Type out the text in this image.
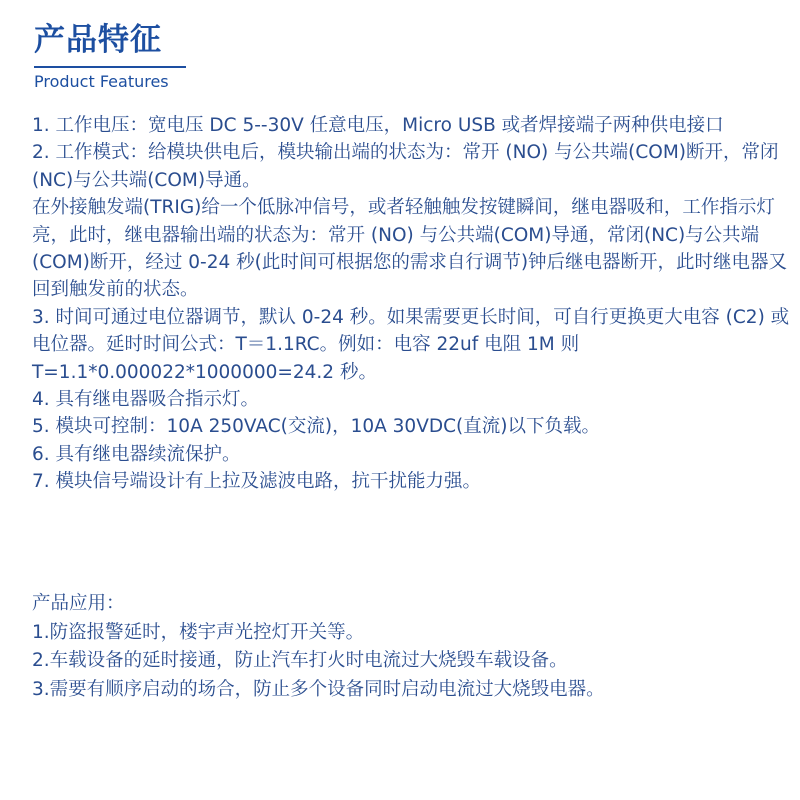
产品特征
Product Features

1. 工作电压：宽电压 DC 5--30V 任意电压，Micro USB 或者焊接端子两种供电接口

2. 工作模式：给模块供电后，模块输出端的状态为：常开 (NO) 与公共端(COM)断开，常闭(NC)与公共端(COM)导通。

在外接触发端(TRIG)给一个低脉冲信号，或者轻触触发按键瞬间，继电器吸和，工作指示灯亮，此时，继电器输出端的状态为：常开 (NO) 与公共端(COM)导通，常闭(NC)与公共端(COM)断开，经过 0-24 秒(此时间可根据您的需求自行调节)钟后继电器断开，此时继电器又回到触发前的状态。

3. 时间可通过电位器调节，默认 0-24 秒。如果需要更长时间，可自行更换更大电容 (C2) 或电位器。延时时间公式：T＝1.1RC。例如：电容 22uf 电阻 1M 则 T=1.1*0.000022*1000000=24.2 秒。

4. 具有继电器吸合指示灯。

5. 模块可控制：10A 250VAC(交流)，10A 30VDC(直流)以下负载。

6. 具有继电器续流保护。

7. 模块信号端设计有上拉及滤波电路，抗干扰能力强。

产品应用：

1.防盗报警延时，楼宇声光控灯开关等。

2.车载设备的延时接通，防止汽车打火时电流过大烧毁车载设备。

3.需要有顺序启动的场合，防止多个设备同时启动电流过大烧毁电器。
